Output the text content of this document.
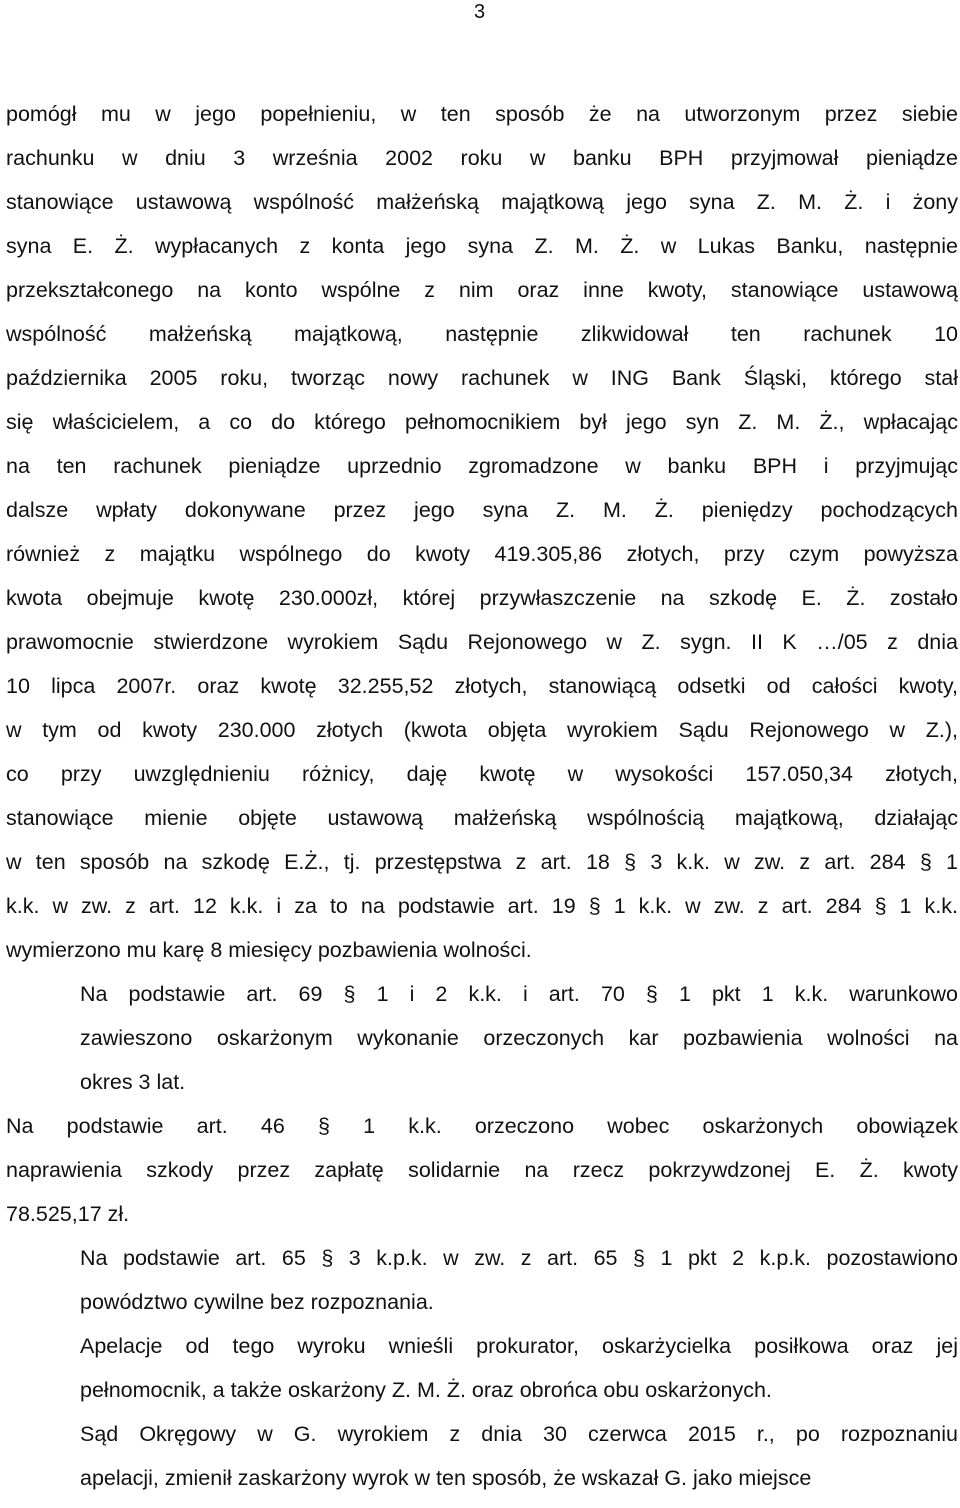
3

pomógł mu w jego popełnieniu, w ten sposób że na utworzonym przez siebie
rachunku w dniu 3 września 2002 roku w banku BPH przyjmował pieniądze
stanowiące ustawową wspólność małżeńską majątkową jego syna Z. M. Ż. i żony
syna E. Ż. wypłacanych z konta jego syna Z. M. Ż. w Lukas Banku, następnie
przekształconego na konto wspólne z nim oraz inne kwoty, stanowiące ustawową
wspólność małżeńską majątkową, następnie zlikwidował ten rachunek 10
października 2005 roku, tworząc nowy rachunek w ING Bank Śląski, którego stał
się właścicielem, a co do którego pełnomocnikiem był jego syn Z. M. Ż., wpłacając
na ten rachunek pieniądze uprzednio zgromadzone w banku BPH i przyjmując
dalsze wpłaty dokonywane przez jego syna Z. M. Ż. pieniędzy pochodzących
również z majątku wspólnego do kwoty 419.305,86 złotych, przy czym powyższa
kwota obejmuje kwotę 230.000zł, której przywłaszczenie na szkodę E. Ż. zostało
prawomocnie stwierdzone wyrokiem Sądu Rejonowego w Z. sygn. II K …/05 z dnia
10 lipca 2007r. oraz kwotę 32.255,52 złotych, stanowiącą odsetki od całości kwoty,
w tym od kwoty 230.000 złotych (kwota objęta wyrokiem Sądu Rejonowego w Z.),
co przy uwzględnieniu różnicy, daję kwotę w wysokości 157.050,34 złotych,
stanowiące mienie objęte ustawową małżeńską wspólnością majątkową, działając
w ten sposób na szkodę E.Ż., tj. przestępstwa z art. 18 § 3 k.k. w zw. z art. 284 § 1
k.k. w zw. z art. 12 k.k. i za to na podstawie art. 19 § 1 k.k. w zw. z art. 284 § 1 k.k.
wymierzono mu karę 8 miesięcy pozbawienia wolności.

Na podstawie art. 69 § 1 i 2 k.k. i art. 70 § 1 pkt 1 k.k. warunkowo
zawieszono oskarżonym wykonanie orzeczonych kar pozbawienia wolności na
okres 3 lat.

Na podstawie art. 46 § 1 k.k. orzeczono wobec oskarżonych obowiązek
naprawienia szkody przez zapłatę solidarnie na rzecz pokrzywdzonej E. Ż. kwoty
78.525,17 zł.

Na podstawie art. 65 § 3 k.p.k. w zw. z art. 65 § 1 pkt 2 k.p.k. pozostawiono
powództwo cywilne bez rozpoznania.

Apelacje od tego wyroku wnieśli prokurator, oskarżycielka posiłkowa oraz jej
pełnomocnik, a także oskarżony Z. M. Ż. oraz obrońca obu oskarżonych.

Sąd Okręgowy w G. wyrokiem z dnia 30 czerwca 2015 r., po rozpoznaniu
apelacji, zmienił zaskarżony wyrok w ten sposób, że wskazał G. jako miejsce
